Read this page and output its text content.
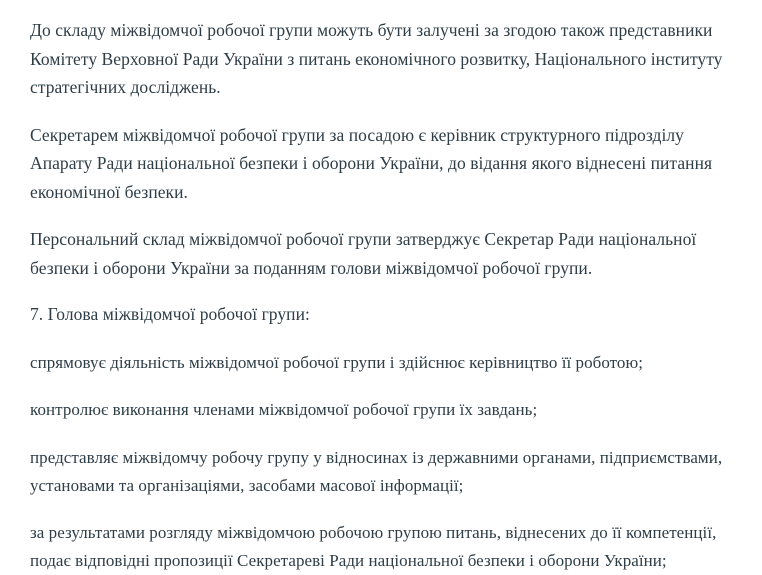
До складу міжвідомчої робочої групи можуть бути залучені за згодою також представники Комітету Верховної Ради України з питань економічного розвитку, Національного інституту стратегічних досліджень.

Секретарем міжвідомчої робочої групи за посадою є керівник структурного підрозділу Апарату Ради національної безпеки і оборони України, до відання якого віднесені питання економічної безпеки.

Персональний склад міжвідомчої робочої групи затверджує Секретар Ради національної безпеки і оборони України за поданням голови міжвідомчої робочої групи.

7. Голова міжвідомчої робочої групи:

спрямовує діяльність міжвідомчої робочої групи і здійснює керівництво її роботою;

контролює виконання членами міжвідомчої робочої групи їх завдань;

представляє міжвідомчу робочу групу у відносинах із державними органами, підприємствами, установами та організаціями, засобами масової інформації;

за результатами розгляду міжвідомчою робочою групою питань, віднесених до її компетенції, подає відповідні пропозиції Секретареві Ради національної безпеки і оборони України;
